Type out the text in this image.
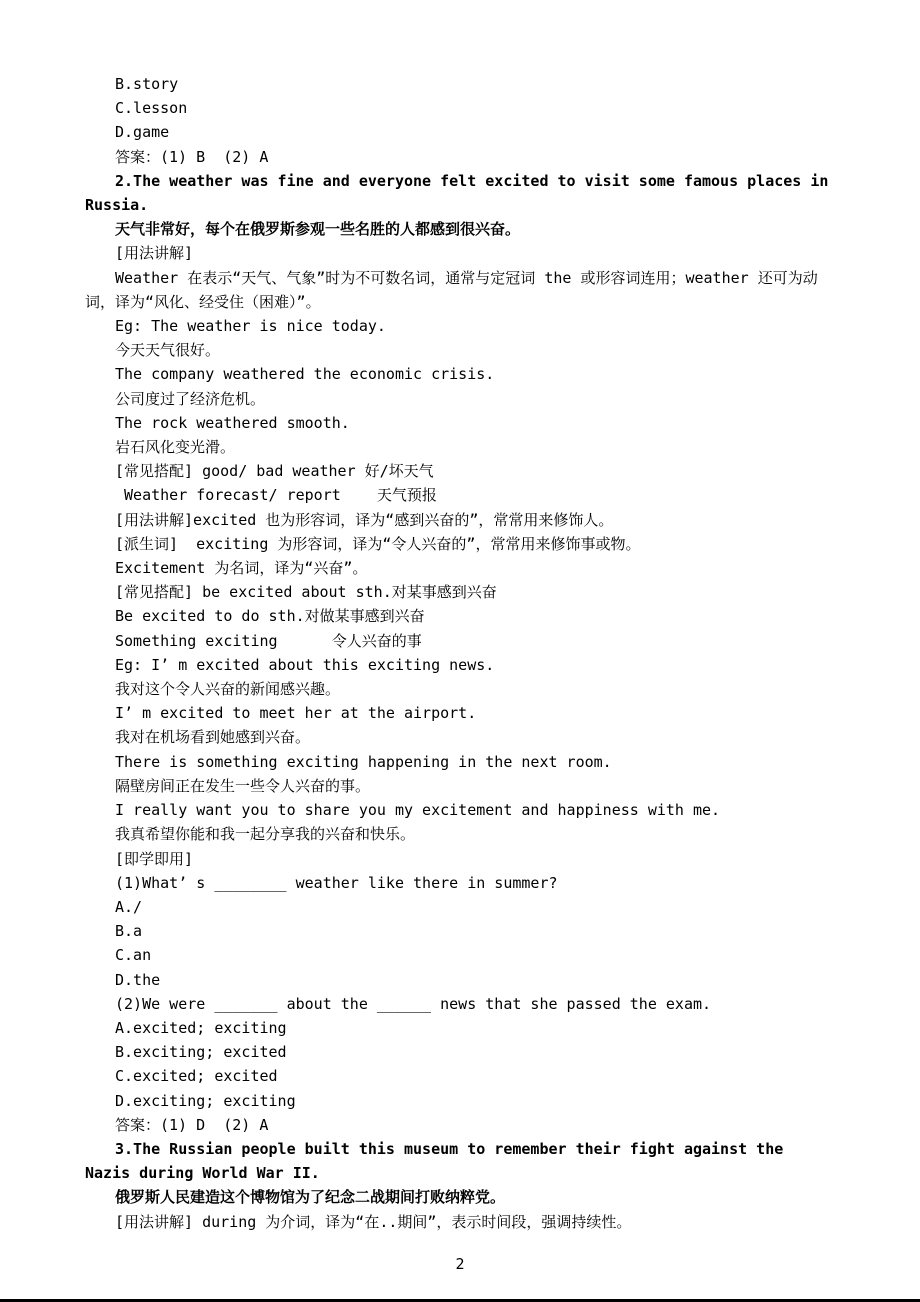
B.story

C.lesson

D.game

答案：(1) B  (2) A

2.The weather was fine and everyone felt excited to visit some famous places in Russia.

天气非常好，每个在俄罗斯参观一些名胜的人都感到很兴奋。

[用法讲解]

Weather 在表示“天气、气象”时为不可数名词，通常与定冠词 the 或形容词连用；weather 还可为动词，译为“风化、经受住（困难）”。

Eg: The weather is nice today.

今天天气很好。

The company weathered the economic crisis.

公司度过了经济危机。

The rock weathered smooth.

岩石风化变光滑。

[常见搭配] good/ bad weather 好/坏天气

Weather forecast/ report    天气预报

[用法讲解]excited 也为形容词，译为“感到兴奋的”，常常用来修饰人。

[派生词]  exciting 为形容词，译为“令人兴奋的”，常常用来修饰事或物。

Excitement 为名词，译为“兴奋”。

[常见搭配] be excited about sth.对某事感到兴奋

Be excited to do sth.对做某事感到兴奋

Something exciting      令人兴奋的事

Eg: I’ m excited about this exciting news.

我对这个令人兴奋的新闻感兴趣。

I’ m excited to meet her at the airport.

我对在机场看到她感到兴奋。

There is something exciting happening in the next room.

隔壁房间正在发生一些令人兴奋的事。

I really want you to share you my excitement and happiness with me.

我真希望你能和我一起分享我的兴奋和快乐。

[即学即用]

(1)What’ s ________ weather like there in summer?

A./

B.a

C.an

D.the

(2)We were _______ about the ______ news that she passed the exam.

A.excited; exciting

B.exciting; excited

C.excited; excited

D.exciting; exciting

答案：(1) D  (2) A

3.The Russian people built this museum to remember their fight against the Nazis during World War II.

俄罗斯人民建造这个博物馆为了纪念二战期间打败纳粹党。

[用法讲解] during 为介词，译为“在..期间”，表示时间段，强调持续性。

2
